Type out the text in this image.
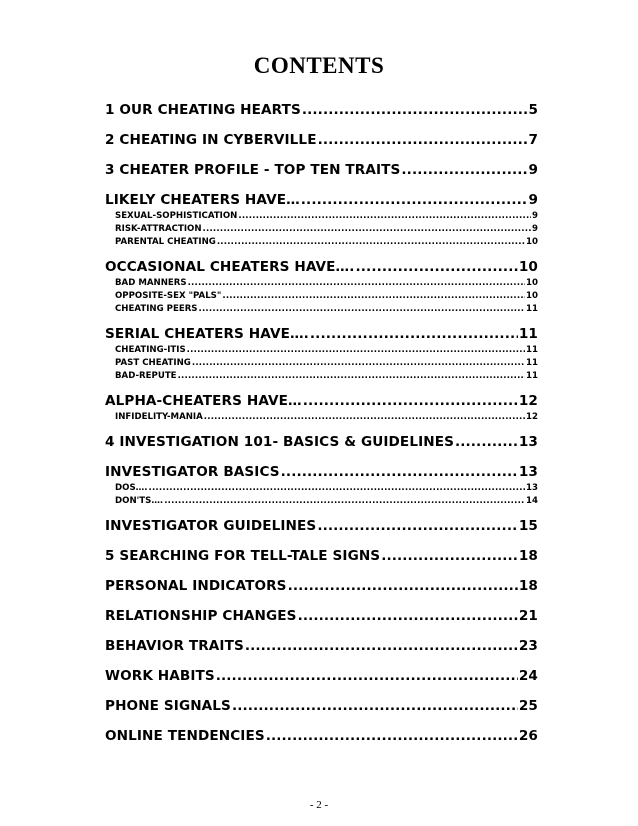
CONTENTS
1 OUR CHEATING HEARTS .....	5
2 CHEATING IN CYBERVILLE .....	7
3 CHEATER PROFILE - TOP TEN TRAITS .....	9
LIKELY CHEATERS HAVE… .....	9
SEXUAL-SOPHISTICATION .....	9
RISK-ATTRACTION .....	9
PARENTAL CHEATING .....	10
OCCASIONAL CHEATERS HAVE…. .....	10
BAD MANNERS .....	10
OPPOSITE-SEX "PALS" .....	10
CHEATING PEERS .....	11
SERIAL CHEATERS HAVE…. .....	11
CHEATING-ITIS .....	11
PAST CHEATING .....	11
BAD-REPUTE .....	11
ALPHA-CHEATERS HAVE… .....	12
INFIDELITY-MANIA .....	12
4 INVESTIGATION 101- BASICS & GUIDELINES .....	13
INVESTIGATOR BASICS .....	13
DOS…. .....	13
DON'TS…. .....	14
INVESTIGATOR GUIDELINES .....	15
5 SEARCHING FOR TELL-TALE SIGNS .....	18
PERSONAL INDICATORS .....	18
RELATIONSHIP CHANGES .....	21
BEHAVIOR TRAITS .....	23
WORK HABITS .....	24
PHONE SIGNALS .....	25
ONLINE TENDENCIES .....	26
- 2 -
